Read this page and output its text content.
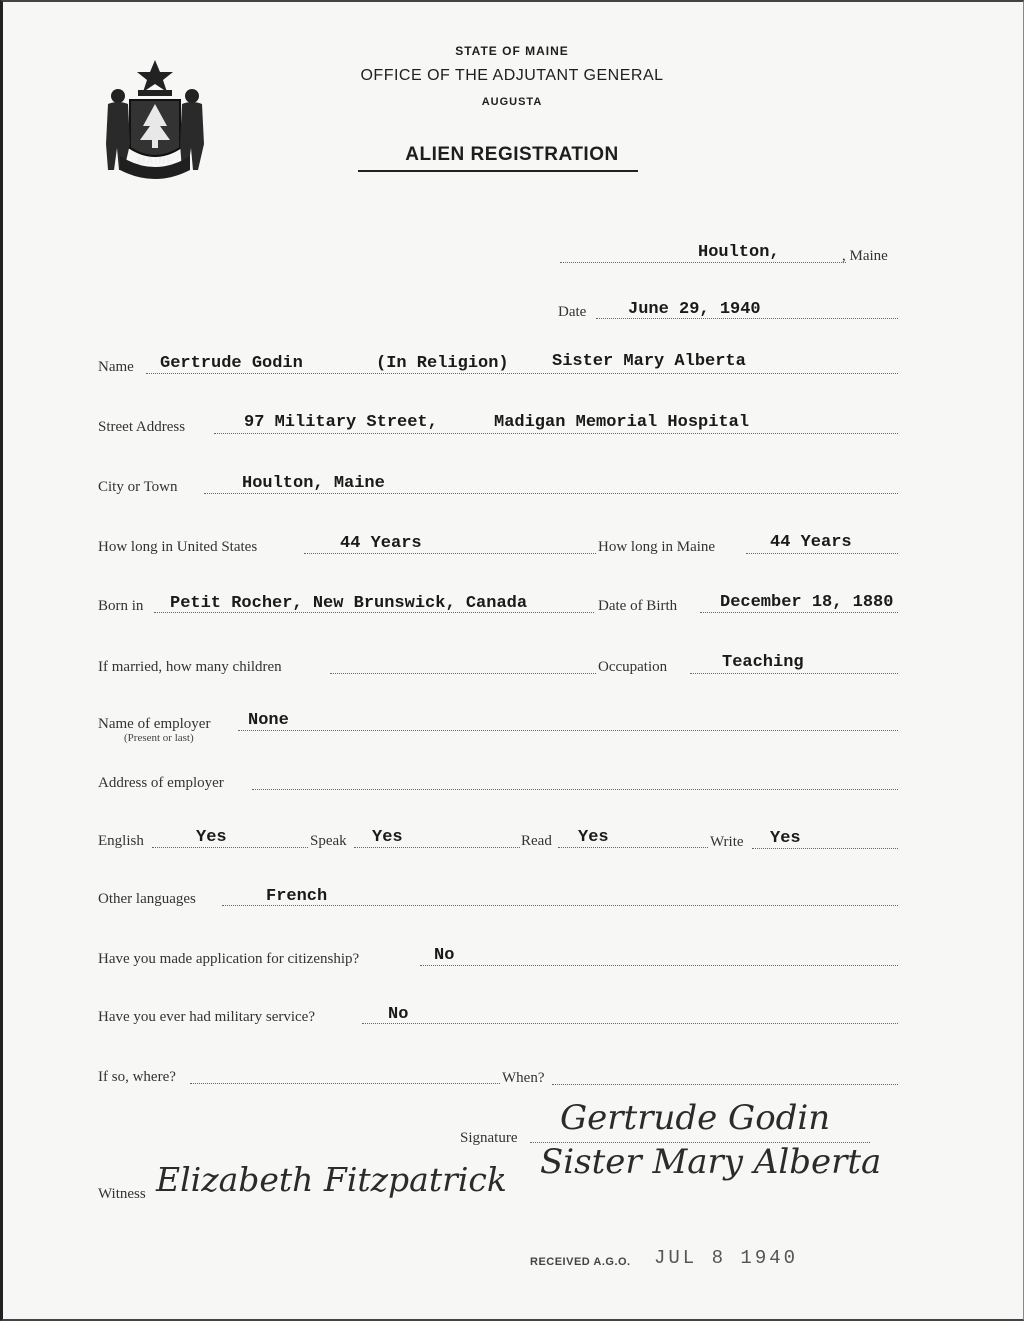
MAINE
STATE OF MAINE
OFFICE OF THE ADJUTANT GENERAL
AUGUSTA
ALIEN REGISTRATION
Houlton,	, Maine
Date June 29, 1940
Name Gertrude Godin	(In Religion)	Sister Mary Alberta
Street Address	97 Military Street,	Madigan Memorial Hospital
City or Town	Houlton, Maine
How long in United States	44 Years	How long in Maine	44 Years
Born in Petit Rocher, New Brunswick, Canada	Date of Birth	December 18, 1880
If married, how many children	Occupation	Teaching
Name of employer
(Present or last)
None
Address of employer
English	Yes	Speak Yes	Read Yes	Write Yes
Other languages	French
Have you made application for citizenship?	No
Have you ever had military service?	No
If so, where?	When?
Signature Gertrude Godin
Sister Mary Alberta
Witness Elizabeth Fitzpatrick
RECEIVED A.G.O. JUL 8 1940
